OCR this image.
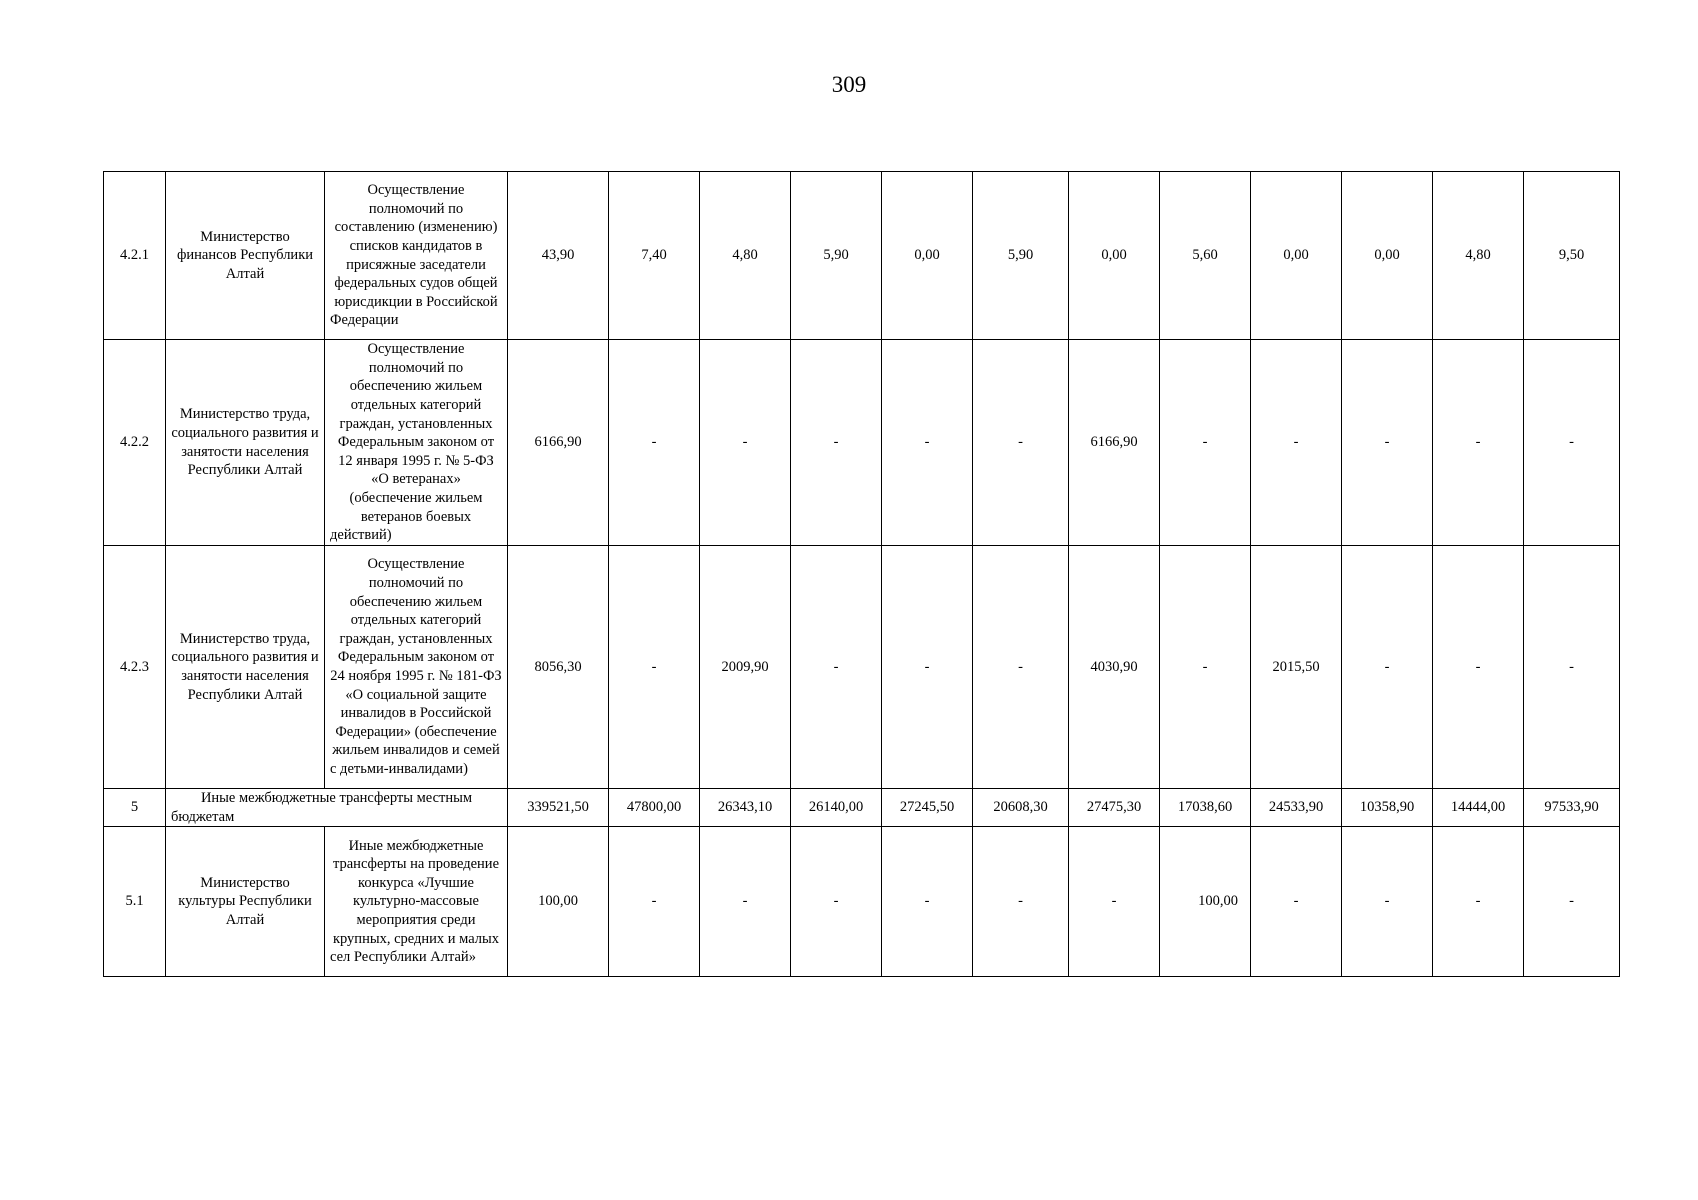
309
4.2.1	Министерство финансов Республики Алтай	Осуществление полномочий по составлению (изменению) списков кандидатов в присяжные заседатели федеральных судов общей юрисдикции в Российской Федерации	43,90	7,40	4,80	5,90	0,00	5,90	0,00	5,60	0,00	0,00	4,80	9,50
4.2.2	Министерство труда, социального развития и занятости населения Республики Алтай	Осуществление полномочий по обеспечению жильем отдельных категорий граждан, установленных Федеральным законом от 12 января 1995 г. № 5-ФЗ «О ветеранах» (обеспечение жильем ветеранов боевых действий)	6166,90	-	-	-	-	-	6166,90	-	-	-	-	-
4.2.3	Министерство труда, социального развития и занятости населения Республики Алтай	Осуществление полномочий по обеспечению жильем отдельных категорий граждан, установленных Федеральным законом от 24 ноября 1995 г. № 181-ФЗ «О социальной защите инвалидов в Российской Федерации» (обеспечение жильем инвалидов и семей с детьми-инвалидами)	8056,30	-	2009,90	-	-	-	4030,90	-	2015,50	-	-	-
5	Иные межбюджетные трансферты местным бюджетам		339521,50	47800,00	26343,10	26140,00	27245,50	20608,30	27475,30	17038,60	24533,90	10358,90	14444,00	97533,90
5.1	Министерство культуры Республики Алтай	Иные межбюджетные трансферты на проведение конкурса «Лучшие культурно-массовые мероприятия среди крупных, средних и малых сел Республики Алтай»	100,00	-	-	-	-	-	-	100,00	-	-	-	-
